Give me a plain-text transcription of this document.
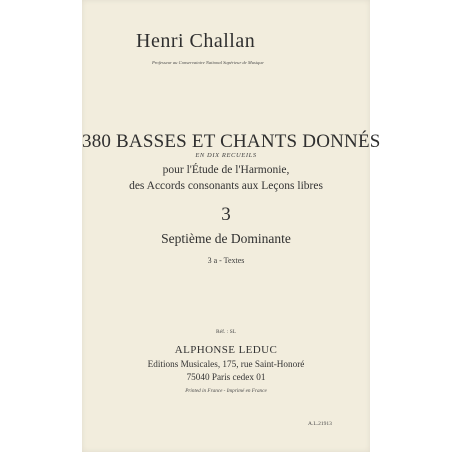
Henri Challan
Professeur au Conservatoire National Supérieur de Musique
380 BASSES ET CHANTS DONNÉS
EN DIX RECUEILS
pour l'Étude de l'Harmonie,
des Accords consonants aux Leçons libres
3
Septième de Dominante
3 a - Textes
Réf. : SL
ALPHONSE LEDUC
Editions Musicales, 175, rue Saint-Honoré
75040 Paris cedex 01
Printed in France - Imprimé en France
A.L.21913
